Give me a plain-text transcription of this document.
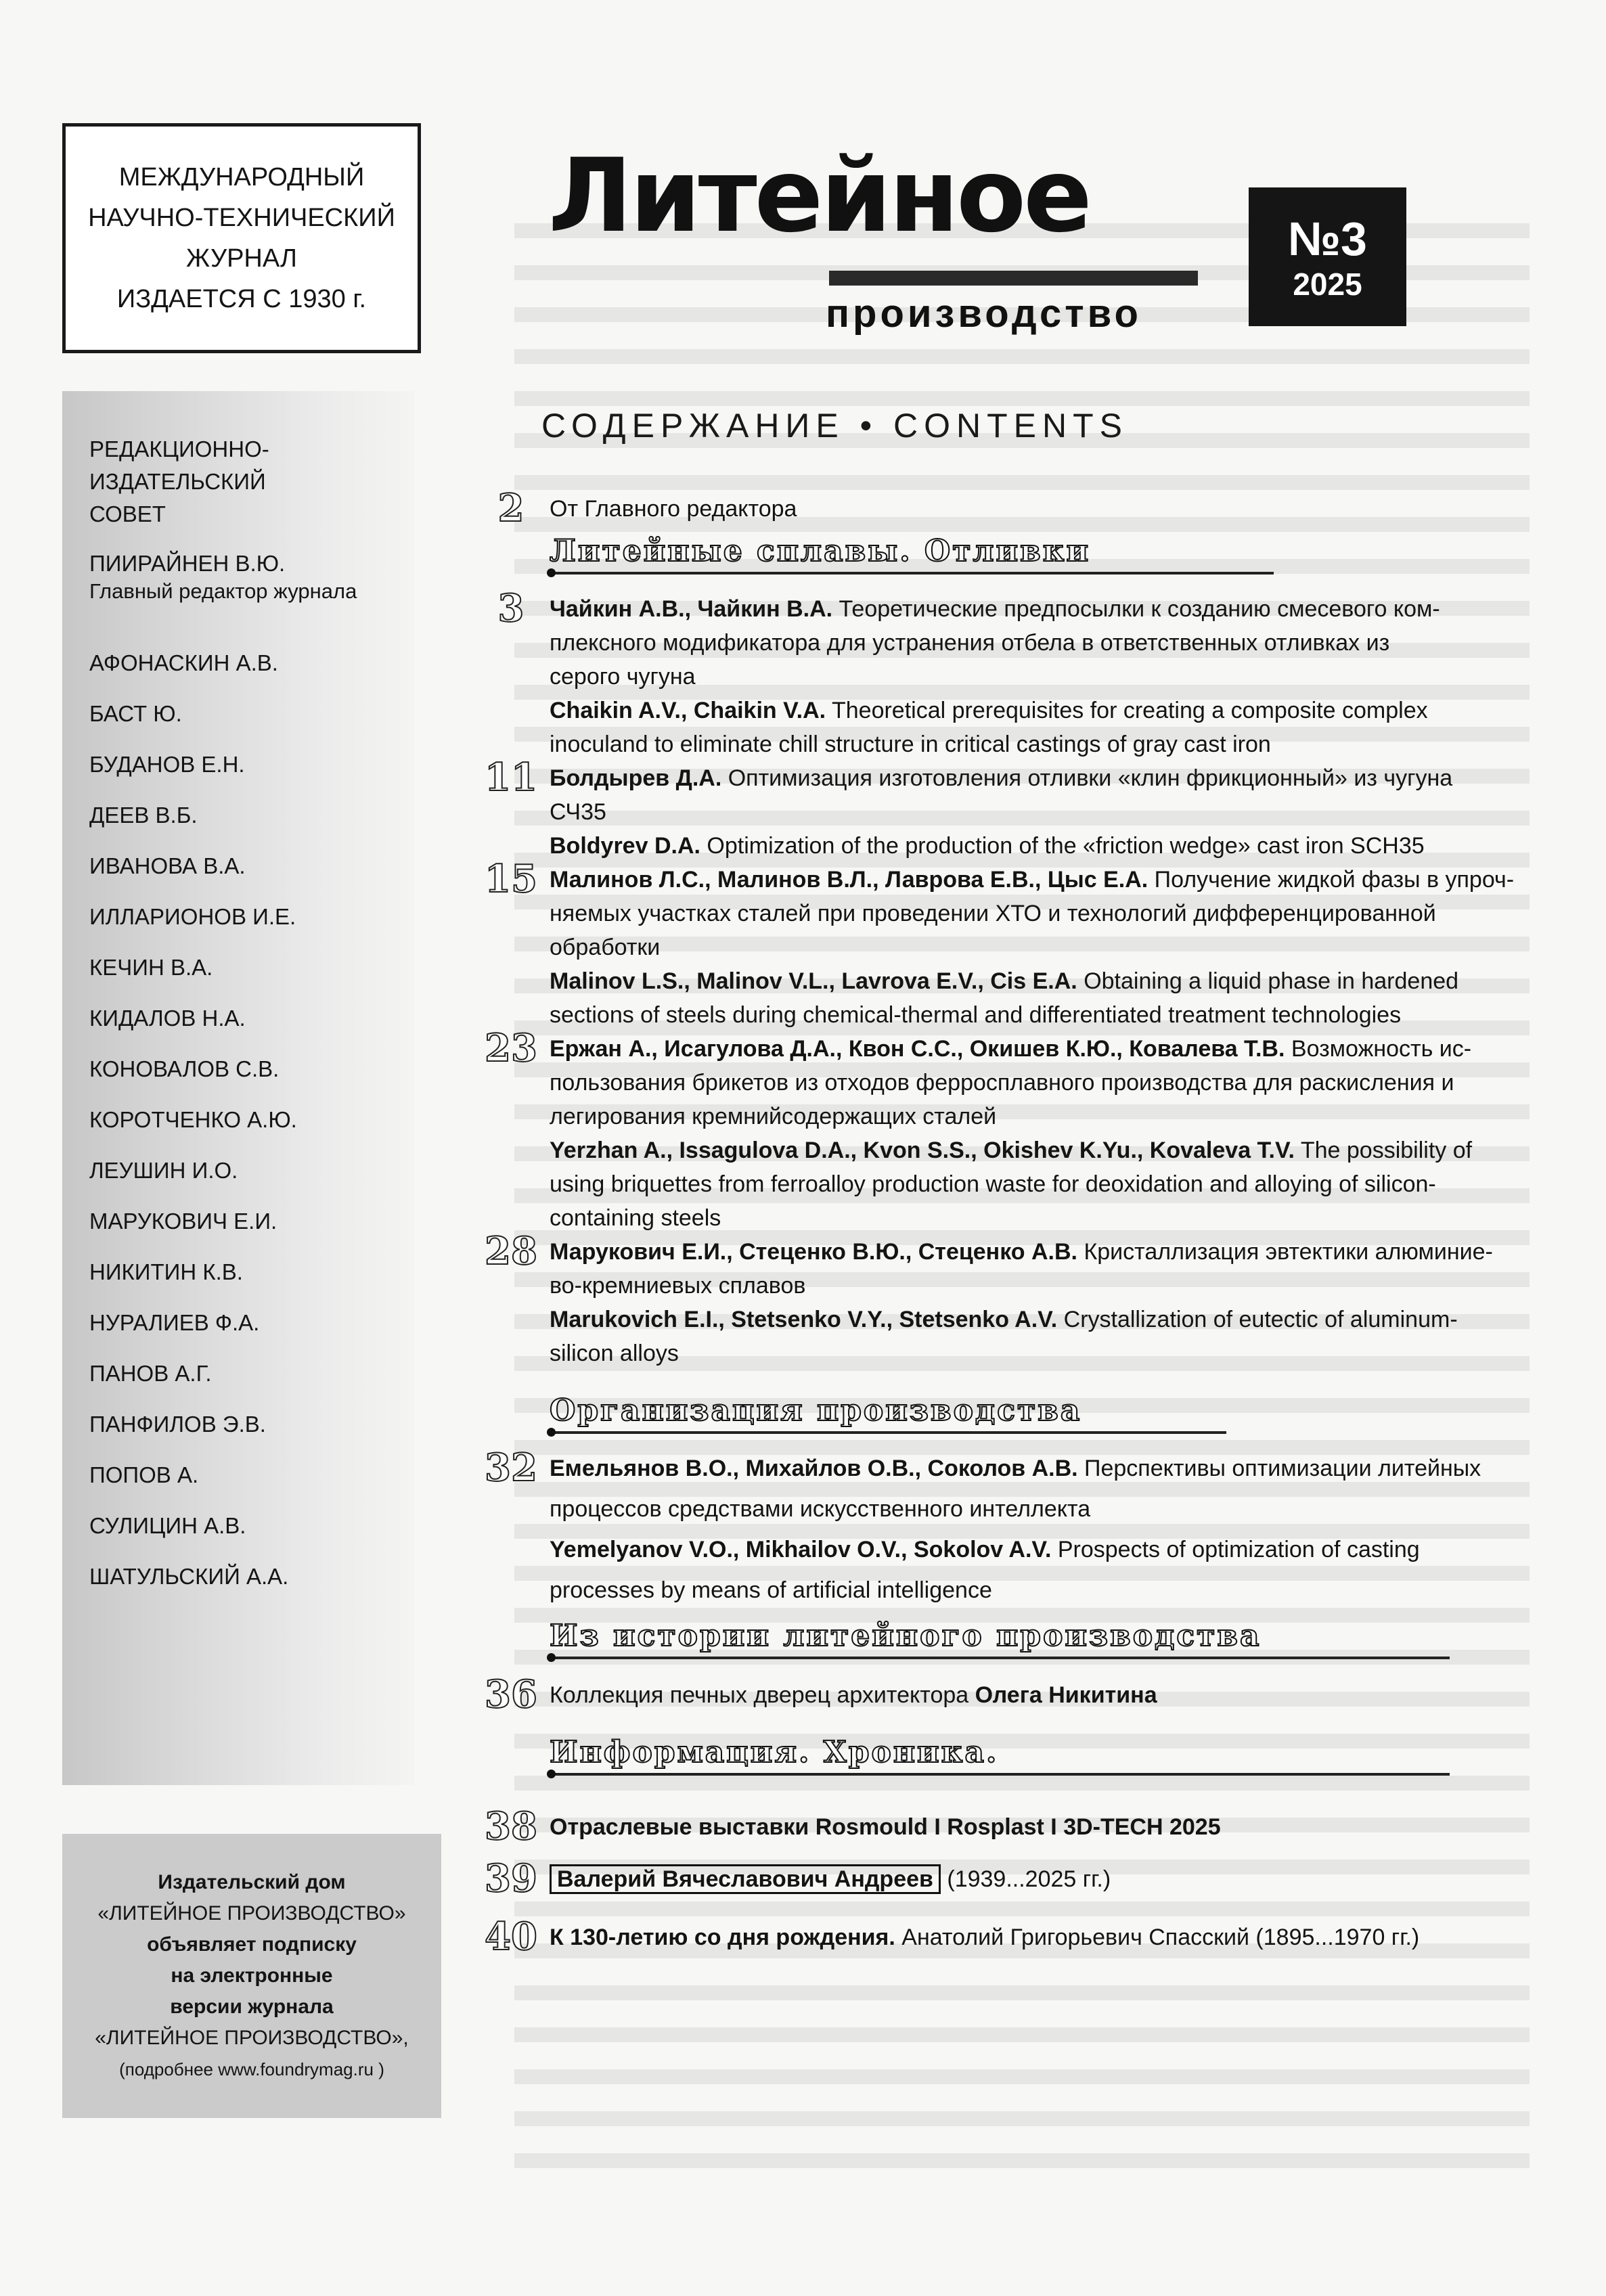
МЕЖДУНАРОДНЫЙ
НАУЧНО-ТЕХНИЧЕСКИЙ
ЖУРНАЛ
ИЗДАЕТСЯ С 1930 г.
РЕДАКЦИОННО-ИЗДАТЕЛЬСКИЙ СОВЕТ
ПИИРАЙНЕН В.Ю.
Главный редактор журнала
АФОНАСКИН А.В.
БАСТ Ю.
БУДАНОВ Е.Н.
ДЕЕВ В.Б.
ИВАНОВА В.А.
ИЛЛАРИОНОВ И.Е.
КЕЧИН В.А.
КИДАЛОВ Н.А.
КОНОВАЛОВ С.В.
КОРОТЧЕНКО А.Ю.
ЛЕУШИН И.О.
МАРУКОВИЧ Е.И.
НИКИТИН К.В.
НУРАЛИЕВ Ф.А.
ПАНОВ А.Г.
ПАНФИЛОВ Э.В.
ПОПОВ А.
СУЛИЦИН А.В.
ШАТУЛЬСКИЙ А.А.
Издательский дом
«ЛИТЕЙНОЕ ПРОИЗВОДСТВО»
объявляет подписку
на электронные
версии журнала
«ЛИТЕЙНОЕ ПРОИЗВОДСТВО»,
(подробнее www.foundrymag.ru )
Литейное
производство
№3
2025
СОДЕРЖАНИЕ • CONTENTS
2	От Главного редактора
Литейные сплавы. Отливки
3	Чайкин А.В., Чайкин В.А. Теоретические предпосылки к созданию смесевого ком-
плексного модификатора для устранения отбела в ответственных отливках из
серого чугуна
Chaikin A.V., Chaikin V.A. Theoretical prerequisites for creating a composite complex
inoculand to eliminate chill structure in critical castings of gray cast iron
11 Болдырев Д.А. Оптимизация изготовления отливки «клин фрикционный» из чугуна
СЧ35
Boldyrev D.A. Optimization of the production of the «friction wedge» cast iron SCH35
15 Малинов Л.С., Малинов В.Л., Лаврова Е.В., Цыс Е.А. Получение жидкой фазы в упроч-
няемых участках сталей при проведении ХТО и технологий дифференцированной
обработки
Malinov L.S., Malinov V.L., Lavrova E.V., Cis E.A. Obtaining a liquid phase in hardened
sections of steels during chemical-thermal and differentiated treatment technologies
23 Ержан А., Исагулова Д.А., Квон С.С., Окишев К.Ю., Ковалева Т.В. Возможность ис-
пользования брикетов из отходов ферросплавного производства для раскисления и
легирования кремнийсодержащих сталей
Yerzhan A., Issagulova D.A., Kvon S.S., Okishev K.Yu., Kovaleva T.V. The possibility of
using briquettes from ferroalloy production waste for deoxidation and alloying of silicon-
containing steels
28 Марукович Е.И., Стеценко В.Ю., Стеценко А.В. Кристаллизация эвтектики алюминие-
во-кремниевых сплавов
Marukovich E.I., Stetsenko V.Y., Stetsenko A.V. Crystallization of eutectic of aluminum-
silicon alloys
Организация производства
32 Емельянов В.О., Михайлов О.В., Соколов А.В. Перспективы оптимизации литейных
процессов средствами искусственного интеллекта
Yemelyanov V.O., Mikhailov O.V., Sokolov A.V. Prospects of optimization of casting
processes by means of artificial intelligence
Из истории литейного производства
36 Коллекция печных дверец архитектора Олега Никитина
Информация. Хроника.
38 Отраслевые выставки Rosmould I Rosplast I 3D-TECH 2025
39 Валерий Вячеславович Андреев (1939...2025 гг.)
40 К 130-летию со дня рождения. Анатолий Григорьевич Спасский (1895...1970 гг.)
